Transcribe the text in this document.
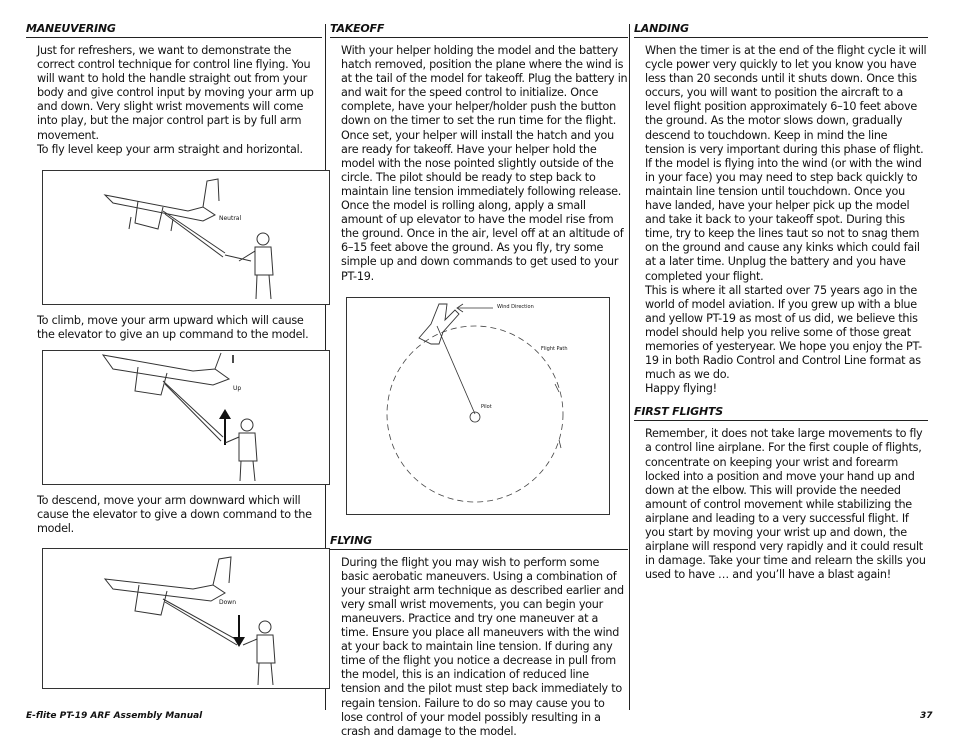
MANEUVERING

Just for refreshers, we want to demonstrate the correct control technique for control line flying. You will want to hold the handle straight out from your body and give control input by moving your arm up and down. Very slight wrist movements will come into play, but the major control part is by full arm movement.

To fly level keep your arm straight and horizontal.

Neutral

To climb, move your arm upward which will cause the elevator to give an up command to the model.

Up

To descend, move your arm downward which will cause the elevator to give a down command to the model.

Down
TAKEOFF

With your helper holding the model and the battery hatch removed, position the plane where the wind is at the tail of the model for takeoff. Plug the battery in and wait for the speed control to initialize. Once complete, have your helper/holder push the button down on the timer to set the run time for the flight. Once set, your helper will install the hatch and you are ready for takeoff. Have your helper hold the model with the nose pointed slightly outside of the circle. The pilot should be ready to step back to maintain line tension immediately following release. Once the model is rolling along, apply a small amount of up elevator to have the model rise from the ground. Once in the air, level off at an altitude of 6–15 feet above the ground. As you fly, try some simple up and down commands to get used to your PT-19.

Wind Direction
Flight Path
Pilot
FLYING

During the flight you may wish to perform some basic aerobatic maneuvers. Using a combination of your straight arm technique as described earlier and very small wrist movements, you can begin your maneuvers. Practice and try one maneuver at a time. Ensure you place all maneuvers with the wind at your back to maintain line tension. If during any time of the flight you notice a decrease in pull from the model, this is an indication of reduced line tension and the pilot must step back immediately to regain tension. Failure to do so may cause you to lose control of your model possibly resulting in a crash and damage to the model.

LANDING

When the timer is at the end of the flight cycle it will cycle power very quickly to let you know you have less than 20 seconds until it shuts down. Once this occurs, you will want to position the aircraft to a level flight position approximately 6–10 feet above the ground. As the motor slows down, gradually descend to touchdown. Keep in mind the line tension is very important during this phase of flight. If the model is flying into the wind (or with the wind in your face) you may need to step back quickly to maintain line tension until touchdown. Once you have landed, have your helper pick up the model and take it back to your takeoff spot. During this time, try to keep the lines taut so not to snag them on the ground and cause any kinks which could fail at a later time. Unplug the battery and you have completed your flight.

This is where it all started over 75 years ago in the world of model aviation. If you grew up with a blue and yellow PT-19 as most of us did, we believe this model should help you relive some of those great memories of yesteryear. We hope you enjoy the PT-19 in both Radio Control and Control Line format as much as we do.

Happy flying!

FIRST FLIGHTS

Remember, it does not take large movements to fly a control line airplane. For the first couple of flights, concentrate on keeping your wrist and forearm locked into a position and move your hand up and down at the elbow. This will provide the needed amount of control movement while stabilizing the airplane and leading to a very successful flight. If you start by moving your wrist up and down, the airplane will respond very rapidly and it could result in damage. Take your time and relearn the skills you used to have … and you’ll have a blast again!

E-flite PT-19 ARF Assembly Manual	37
